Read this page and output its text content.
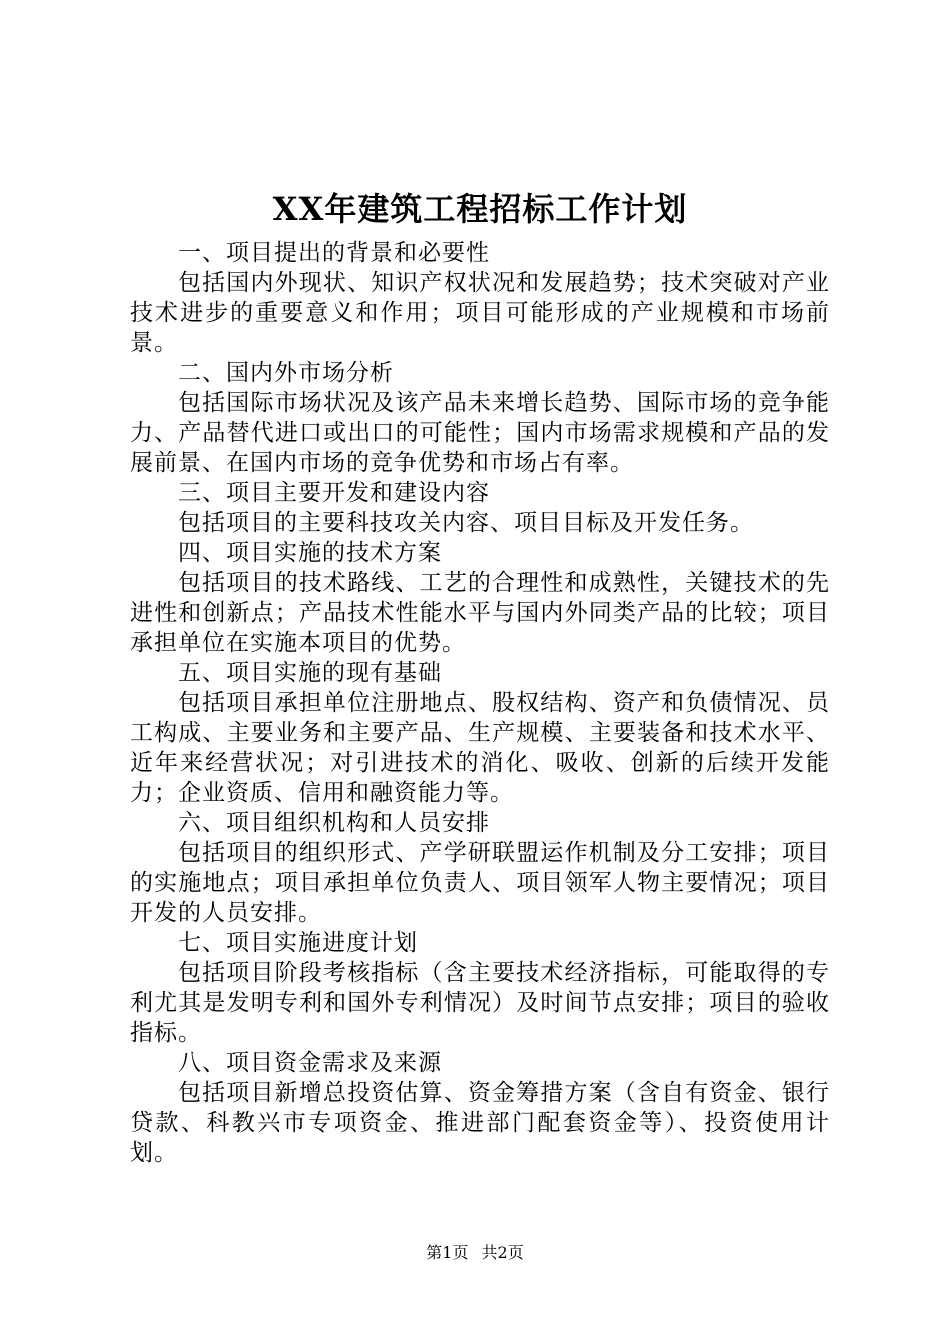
XX年建筑工程招标工作计划

一、项目提出的背景和必要性

包括国内外现状、知识产权状况和发展趋势；技术突破对产业技术进步的重要意义和作用；项目可能形成的产业规模和市场前景。

二、国内外市场分析

包括国际市场状况及该产品未来增长趋势、国际市场的竞争能力、产品替代进口或出口的可能性；国内市场需求规模和产品的发展前景、在国内市场的竞争优势和市场占有率。

三、项目主要开发和建设内容

包括项目的主要科技攻关内容、项目目标及开发任务。

四、项目实施的技术方案

包括项目的技术路线、工艺的合理性和成熟性，关键技术的先进性和创新点；产品技术性能水平与国内外同类产品的比较；项目承担单位在实施本项目的优势。

五、项目实施的现有基础

包括项目承担单位注册地点、股权结构、资产和负债情况、员工构成、主要业务和主要产品、生产规模、主要装备和技术水平、近年来经营状况；对引进技术的消化、吸收、创新的后续开发能力；企业资质、信用和融资能力等。

六、项目组织机构和人员安排

包括项目的组织形式、产学研联盟运作机制及分工安排；项目的实施地点；项目承担单位负责人、项目领军人物主要情况；项目开发的人员安排。

七、项目实施进度计划

包括项目阶段考核指标（含主要技术经济指标，可能取得的专利尤其是发明专利和国外专利情况）及时间节点安排；项目的验收指标。

八、项目资金需求及来源

包括项目新增总投资估算、资金筹措方案（含自有资金、银行贷款、科教兴市专项资金、推进部门配套资金等）、投资使用计划。

第1页 共2页
